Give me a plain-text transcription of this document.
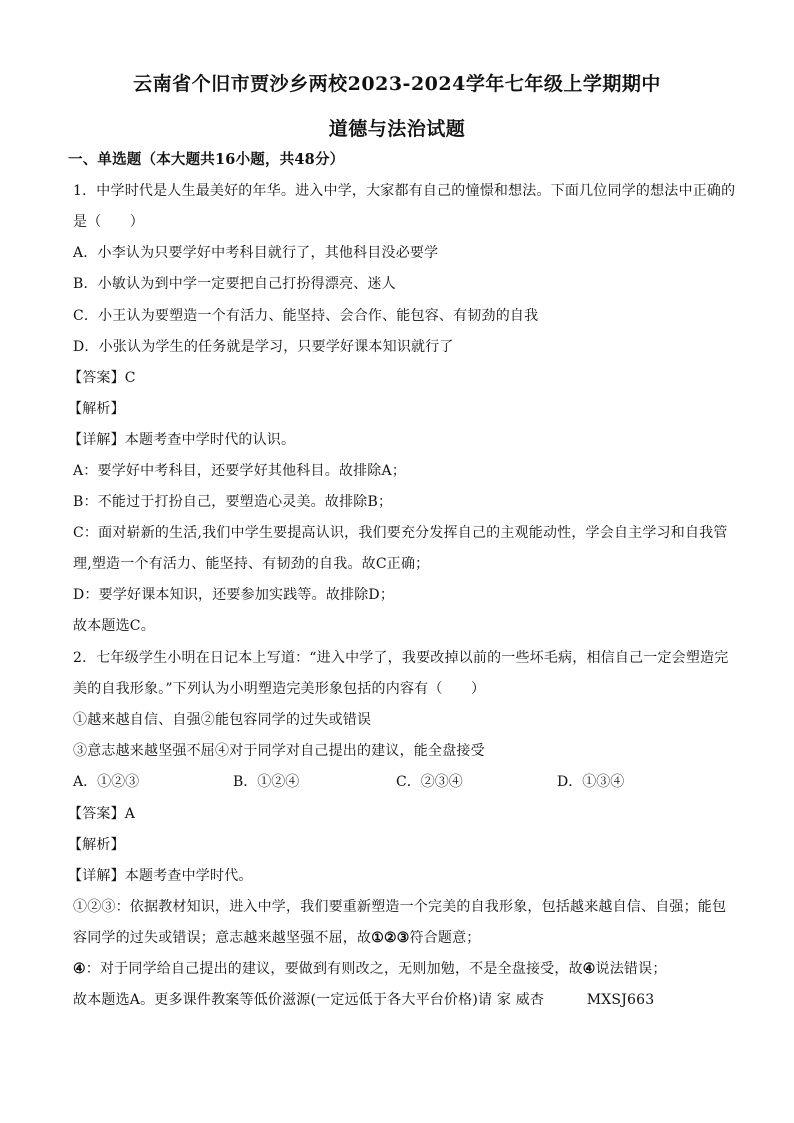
云南省个旧市贾沙乡两校2023-2024学年七年级上学期期中
道德与法治试题
一、单选题（本大题共16小题，共48分）
1．中学时代是人生最美好的年华。进入中学，大家都有自己的憧憬和想法。下面几位同学的想法中正确的
是（　　）
A．小李认为只要学好中考科目就行了，其他科目没必要学
B．小敏认为到中学一定要把自己打扮得漂亮、迷人
C．小王认为要塑造一个有活力、能坚持、会合作、能包容、有韧劲的自我
D．小张认为学生的任务就是学习，只要学好课本知识就行了
【答案】C
【解析】
【详解】本题考查中学时代的认识。
A：要学好中考科目，还要学好其他科目。故排除A；
B：不能过于打扮自己，要塑造心灵美。故排除B；
C：面对崭新的生活,我们中学生要提高认识，我们要充分发挥自己的主观能动性，学会自主学习和自我管
理,塑造一个有活力、能坚持、有韧劲的自我。故C正确；
D：要学好课本知识，还要参加实践等。故排除D；
故本题选C。
2．七年级学生小明在日记本上写道：“进入中学了，我要改掉以前的一些坏毛病，相信自己一定会塑造完
美的自我形象。”下列认为小明塑造完美形象包括的内容有（　　）
①越来越自信、自强②能包容同学的过失或错误
③意志越来越坚强不屈④对于同学对自己提出的建议，能全盘接受
A．①②③	B．①②④	C．②③④	D．①③④
【答案】A
【解析】
【详解】本题考查中学时代。
①②③：依据教材知识，进入中学，我们要重新塑造一个完美的自我形象，包括越来越自信、自强；能包
容同学的过失或错误；意志越来越坚强不屈，故①②③符合题意；
④：对于同学给自己提出的建议，要做到有则改之，无则加勉，不是全盘接受，故④说法错误；
故本题选A。更多课件教案等低价滋源(一定远低于各大平台价格)请 家 威杏　　　MXSJ663
